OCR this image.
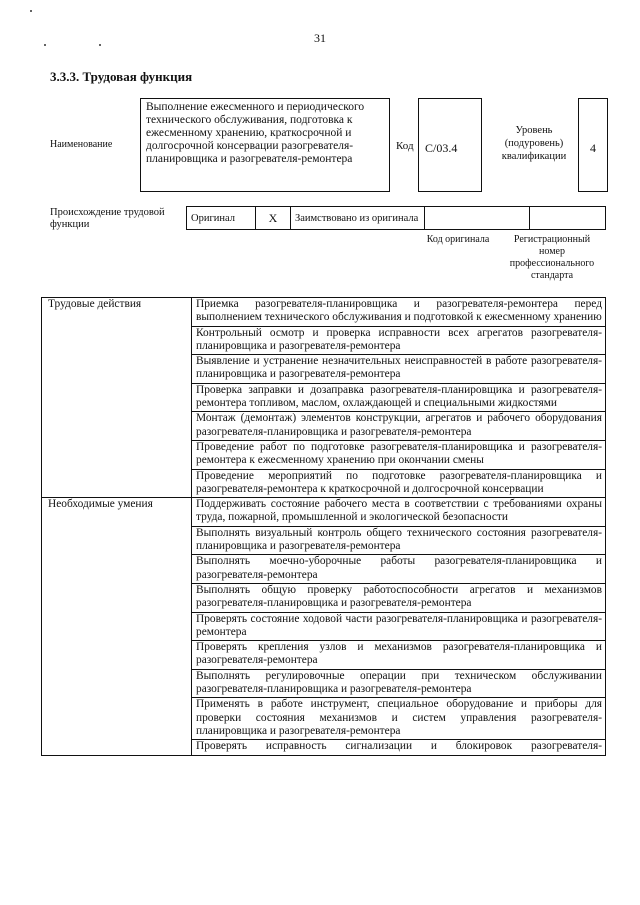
31
3.3.3. Трудовая функция
Наименование
Выполнение ежесменного и периодического технического обслуживания, подготовка к ежесменному хранению, краткосрочной и долгосрочной консервации разогревателя-планировщика и разогревателя-ремонтера
Код С/03.4
Уровень (подуровень) квалификации
4
Происхождение трудовой функции
Оригинал	X	Заимствовано из оригинала		
Код оригинала	Регистрационный номер профессионального стандарта
Трудовые действия	Приемка разогревателя-планировщика и разогревателя-ремонтера перед выполнением технического обслуживания и подготовкой к ежесменному хранению
	Контрольный осмотр и проверка исправности всех агрегатов разогревателя-планировщика и разогревателя-ремонтера
	Выявление и устранение незначительных неисправностей в работе разогревателя-планировщика и разогревателя-ремонтера
	Проверка заправки и дозаправка разогревателя-планировщика и разогревателя-ремонтера топливом, маслом, охлаждающей и специальными жидкостями
	Монтаж (демонтаж) элементов конструкции, агрегатов и рабочего оборудования разогревателя-планировщика и разогревателя-ремонтера
	Проведение работ по подготовке разогревателя-планировщика и разогревателя-ремонтера к ежесменному хранению при окончании смены
	Проведение мероприятий по подготовке разогревателя-планировщика и разогревателя-ремонтера к краткосрочной и долгосрочной консервации
Необходимые умения	Поддерживать состояние рабочего места в соответствии с требованиями охраны труда, пожарной, промышленной и экологической безопасности
	Выполнять визуальный контроль общего технического состояния разогревателя-планировщика и разогревателя-ремонтера
	Выполнять моечно-уборочные работы разогревателя-планировщика и разогревателя-ремонтера
	Выполнять общую проверку работоспособности агрегатов и механизмов разогревателя-планировщика и разогревателя-ремонтера
	Проверять состояние ходовой части разогревателя-планировщика и разогревателя-ремонтера
	Проверять крепления узлов и механизмов разогревателя-планировщика и разогревателя-ремонтера
	Выполнять регулировочные операции при техническом обслуживании разогревателя-планировщика и разогревателя-ремонтера
	Применять в работе инструмент, специальное оборудование и приборы для проверки состояния механизмов и систем управления разогревателя-планировщика и разогревателя-ремонтера
	Проверять исправность сигнализации и блокировок разогревателя-
